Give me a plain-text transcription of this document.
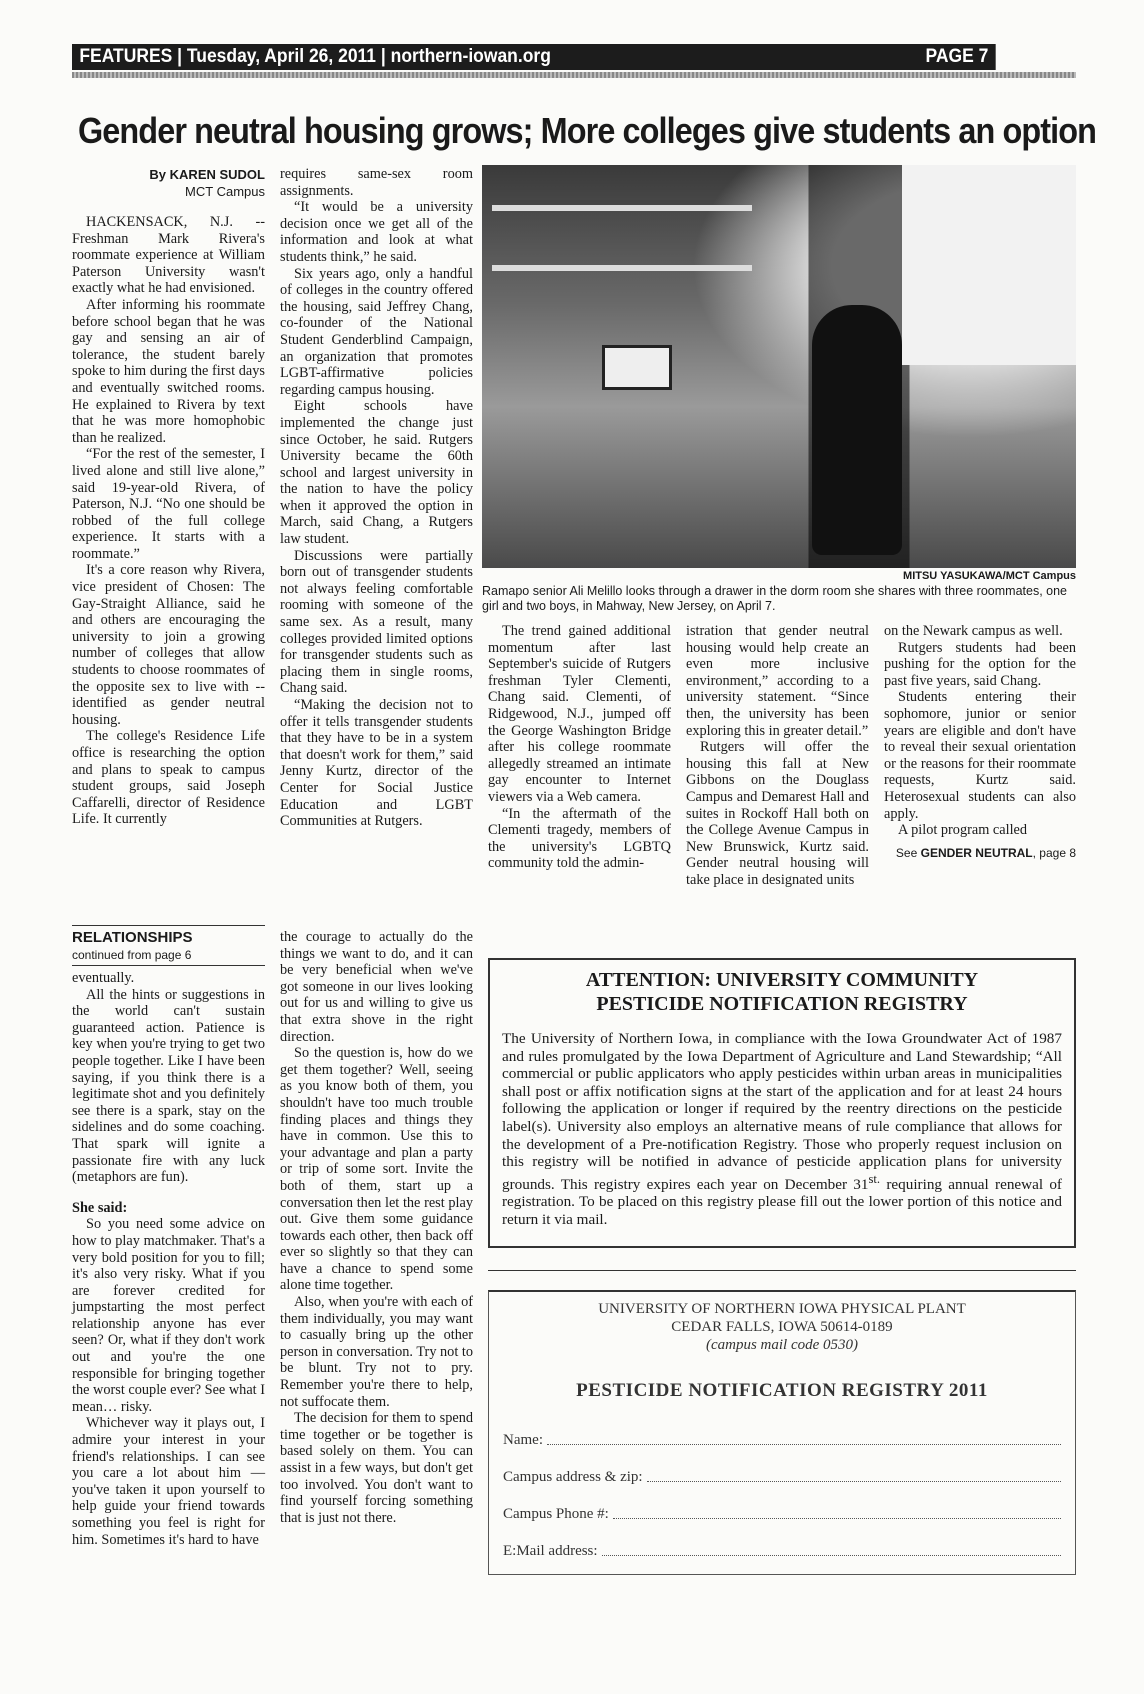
FEATURES | Tuesday, April 26, 2011 | northern-iowan.org	PAGE 7
Gender neutral housing grows; More colleges give students an option
By KAREN SUDOL
MCT Campus

HACKENSACK, N.J. -- Freshman Mark Rivera's roommate experience at William Paterson University wasn't exactly what he had envisioned.

After informing his roommate before school began that he was gay and sensing an air of tolerance, the student barely spoke to him during the first days and eventually switched rooms. He explained to Rivera by text that he was more homophobic than he realized.

“For the rest of the semester, I lived alone and still live alone,” said 19-year-old Rivera, of Paterson, N.J. “No one should be robbed of the full college experience. It starts with a roommate.”

It's a core reason why Rivera, vice president of Chosen: The Gay-Straight Alliance, said he and others are encouraging the university to join a growing number of colleges that allow students to choose roommates of the opposite sex to live with -- identified as gender neutral housing.

The college's Residence Life office is researching the option and plans to speak to campus student groups, said Joseph Caffarelli, director of Residence Life. It currently

requires same-sex room assignments.

“It would be a university decision once we get all of the information and look at what students think,” he said.

Six years ago, only a handful of colleges in the country offered the housing, said Jeffrey Chang, co-founder of the National Student Genderblind Campaign, an organization that promotes LGBT-affirmative policies regarding campus housing.

Eight schools have implemented the change just since October, he said. Rutgers University became the 60th school and largest university in the nation to have the policy when it approved the option in March, said Chang, a Rutgers law student.

Discussions were partially born out of transgender students not always feeling comfortable rooming with someone of the same sex. As a result, many colleges provided limited options for transgender students such as placing them in single rooms, Chang said.

“Making the decision not to offer it tells transgender students that they have to be in a system that doesn't work for them,” said Jenny Kurtz, director of the Center for Social Justice Education and LGBT Communities at Rutgers.

MITSU YASUKAWA/MCT Campus
Ramapo senior Ali Melillo looks through a drawer in the dorm room she shares with three roommates, one girl and two boys, in Mahway, New Jersey, on April 7.

The trend gained additional momentum after last September's suicide of Rutgers freshman Tyler Clementi, Chang said. Clementi, of Ridgewood, N.J., jumped off the George Washington Bridge after his college roommate allegedly streamed an intimate gay encounter to Internet viewers via a Web camera.

“In the aftermath of the Clementi tragedy, members of the university's LGBTQ community told the admin-

istration that gender neutral housing would help create an even more inclusive environment,” according to a university statement. “Since then, the university has been exploring this in greater detail.”

Rutgers will offer the housing this fall at New Gibbons on the Douglass Campus and Demarest Hall and suites in Rockoff Hall both on the College Avenue Campus in New Brunswick, Kurtz said. Gender neutral housing will take place in designated units

on the Newark campus as well.

Rutgers students had been pushing for the option for the past five years, said Chang.

Students entering their sophomore, junior or senior years are eligible and don't have to reveal their sexual orientation or the reasons for their roommate requests, Kurtz said. Heterosexual students can also apply.

A pilot program called

See GENDER NEUTRAL, page 8
RELATIONSHIPS
continued from page 6

eventually.

All the hints or suggestions in the world can't sustain guaranteed action. Patience is key when you're trying to get two people together. Like I have been saying, if you think there is a legitimate shot and you definitely see there is a spark, stay on the sidelines and do some coaching. That spark will ignite a passionate fire with any luck (metaphors are fun).

She said:

So you need some advice on how to play matchmaker. That's a very bold position for you to fill; it's also very risky. What if you are forever credited for jumpstarting the most perfect relationship anyone has ever seen? Or, what if they don't work out and you're the one responsible for bringing together the worst couple ever? See what I mean… risky.

Whichever way it plays out, I admire your interest in your friend's relationships. I can see you care a lot about him — you've taken it upon yourself to help guide your friend towards something you feel is right for him. Sometimes it's hard to have

the courage to actually do the things we want to do, and it can be very beneficial when we've got someone in our lives looking out for us and willing to give us that extra shove in the right direction.

So the question is, how do we get them together? Well, seeing as you know both of them, you shouldn't have too much trouble finding places and things they have in common. Use this to your advantage and plan a party or trip of some sort. Invite the both of them, start up a conversation then let the rest play out. Give them some guidance towards each other, then back off ever so slightly so that they can have a chance to spend some alone time together.

Also, when you're with each of them individually, you may want to casually bring up the other person in conversation. Try not to be blunt. Try not to pry. Remember you're there to help, not suffocate them.

The decision for them to spend time together or be together is based solely on them. You can assist in a few ways, but don't get too involved. You don't want to find yourself forcing something that is just not there.

ATTENTION: UNIVERSITY COMMUNITY
PESTICIDE NOTIFICATION REGISTRY

The University of Northern Iowa, in compliance with the Iowa Groundwater Act of 1987 and rules promulgated by the Iowa Department of Agriculture and Land Stewardship; “All commercial or public applicators who apply pesticides within urban areas in municipalities shall post or affix notification signs at the start of the application and for at least 24 hours following the application or longer if required by the reentry directions on the pesticide label(s). University also employs an alternative means of rule compliance that allows for the development of a Pre-notification Registry. Those who properly request inclusion on this registry will be notified in advance of pesticide application plans for university grounds. This registry expires each year on December $31^{st.}$ requiring annual renewal of registration. To be placed on this registry please fill out the lower portion of this notice and return it via mail.

UNIVERSITY OF NORTHERN IOWA PHYSICAL PLANT
CEDAR FALLS, IOWA 50614-0189
(campus mail code 0530)
PESTICIDE NOTIFICATION REGISTRY 2011
Name:
Campus address & zip:
Campus Phone #:
E:Mail address:
